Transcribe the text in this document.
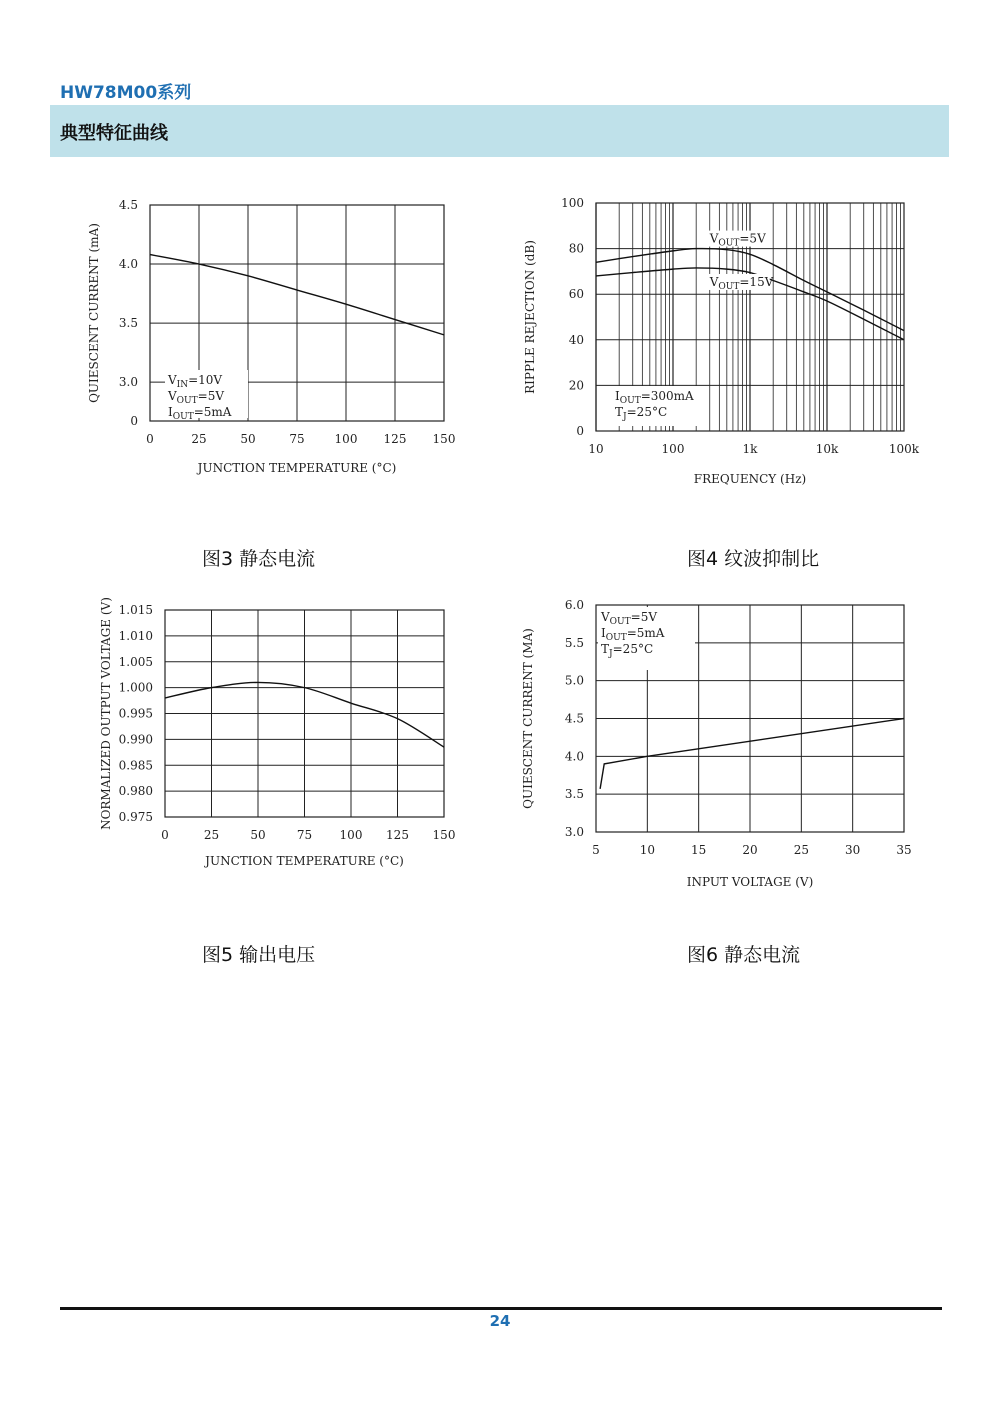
HW78M00系列
典型特征曲线
0	25	50	75 100 125 150
0
3.0
3.5
4.0
4.5
JUNCTION TEMPERATURE (°C)
QUIESCENT CURRENT (mA)	$V_{IN}=10V$
$V_{OUT}=5V$
$I_{OUT}=5mA$
10	100	1k	10k	100k
0
20
40
60
80
100
FREQUENCY (Hz)
RIPPLE REJECTION (dB)
$I_{OUT}=300mA$
$T_J=25^\circ C$
$V_{OUT}=5V$
$V_{OUT}=15V$
0	25	50	75 100 125 150
0.975
0.980
0.985
0.990
0.995
1.000
1.005
1.010
1.015
JUNCTION TEMPERATURE (°C)
NORMALIZED OUTPUT VOLTAGE (V)
5	10	15	20	25	30	35
3.0
3.5
4.0
4.5
5.0
5.5
6.0
INPUT VOLTAGE (V)
QUIESCENT CURRENT (MA)
$V_{OUT}=5V$
$I_{OUT}=5mA$
$T_J=25^\circ C$
图3 静态电流	图4 纹波抑制比
图5 输出电压	图6 静态电流
24
